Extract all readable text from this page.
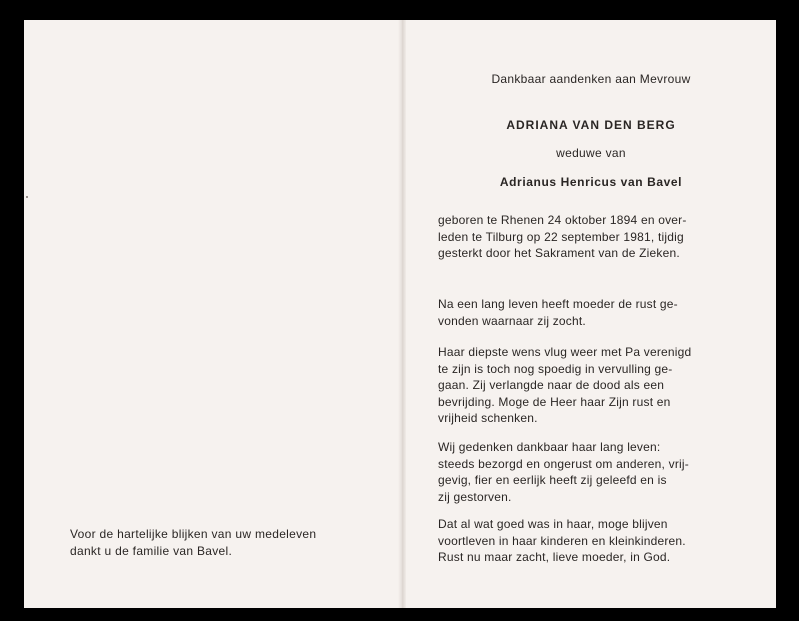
Voor de hartelijke blijken van uw medeleven

dankt u de familie van Bavel.

Dankbaar aandenken aan Mevrouw

ADRIANA VAN DEN BERG

weduwe van

Adrianus Henricus van Bavel

geboren te Rhenen 24 oktober 1894 en over-
leden te Tilburg op 22 september 1981, tijdig
gesterkt door het Sakrament van de Zieken.
Na een lang leven heeft moeder de rust ge-
vonden waarnaar zij zocht.
Haar diepste wens vlug weer met Pa verenigd
te zijn is toch nog spoedig in vervulling ge-
gaan. Zij verlangde naar de dood als een
bevrijding. Moge de Heer haar Zijn rust en
vrijheid schenken.
Wij gedenken dankbaar haar lang leven:
steeds bezorgd en ongerust om anderen, vrij-
gevig, fier en eerlijk heeft zij geleefd en is
zij gestorven.
Dat al wat goed was in haar, moge blijven
voortleven in haar kinderen en kleinkinderen.
Rust nu maar zacht, lieve moeder, in God.
